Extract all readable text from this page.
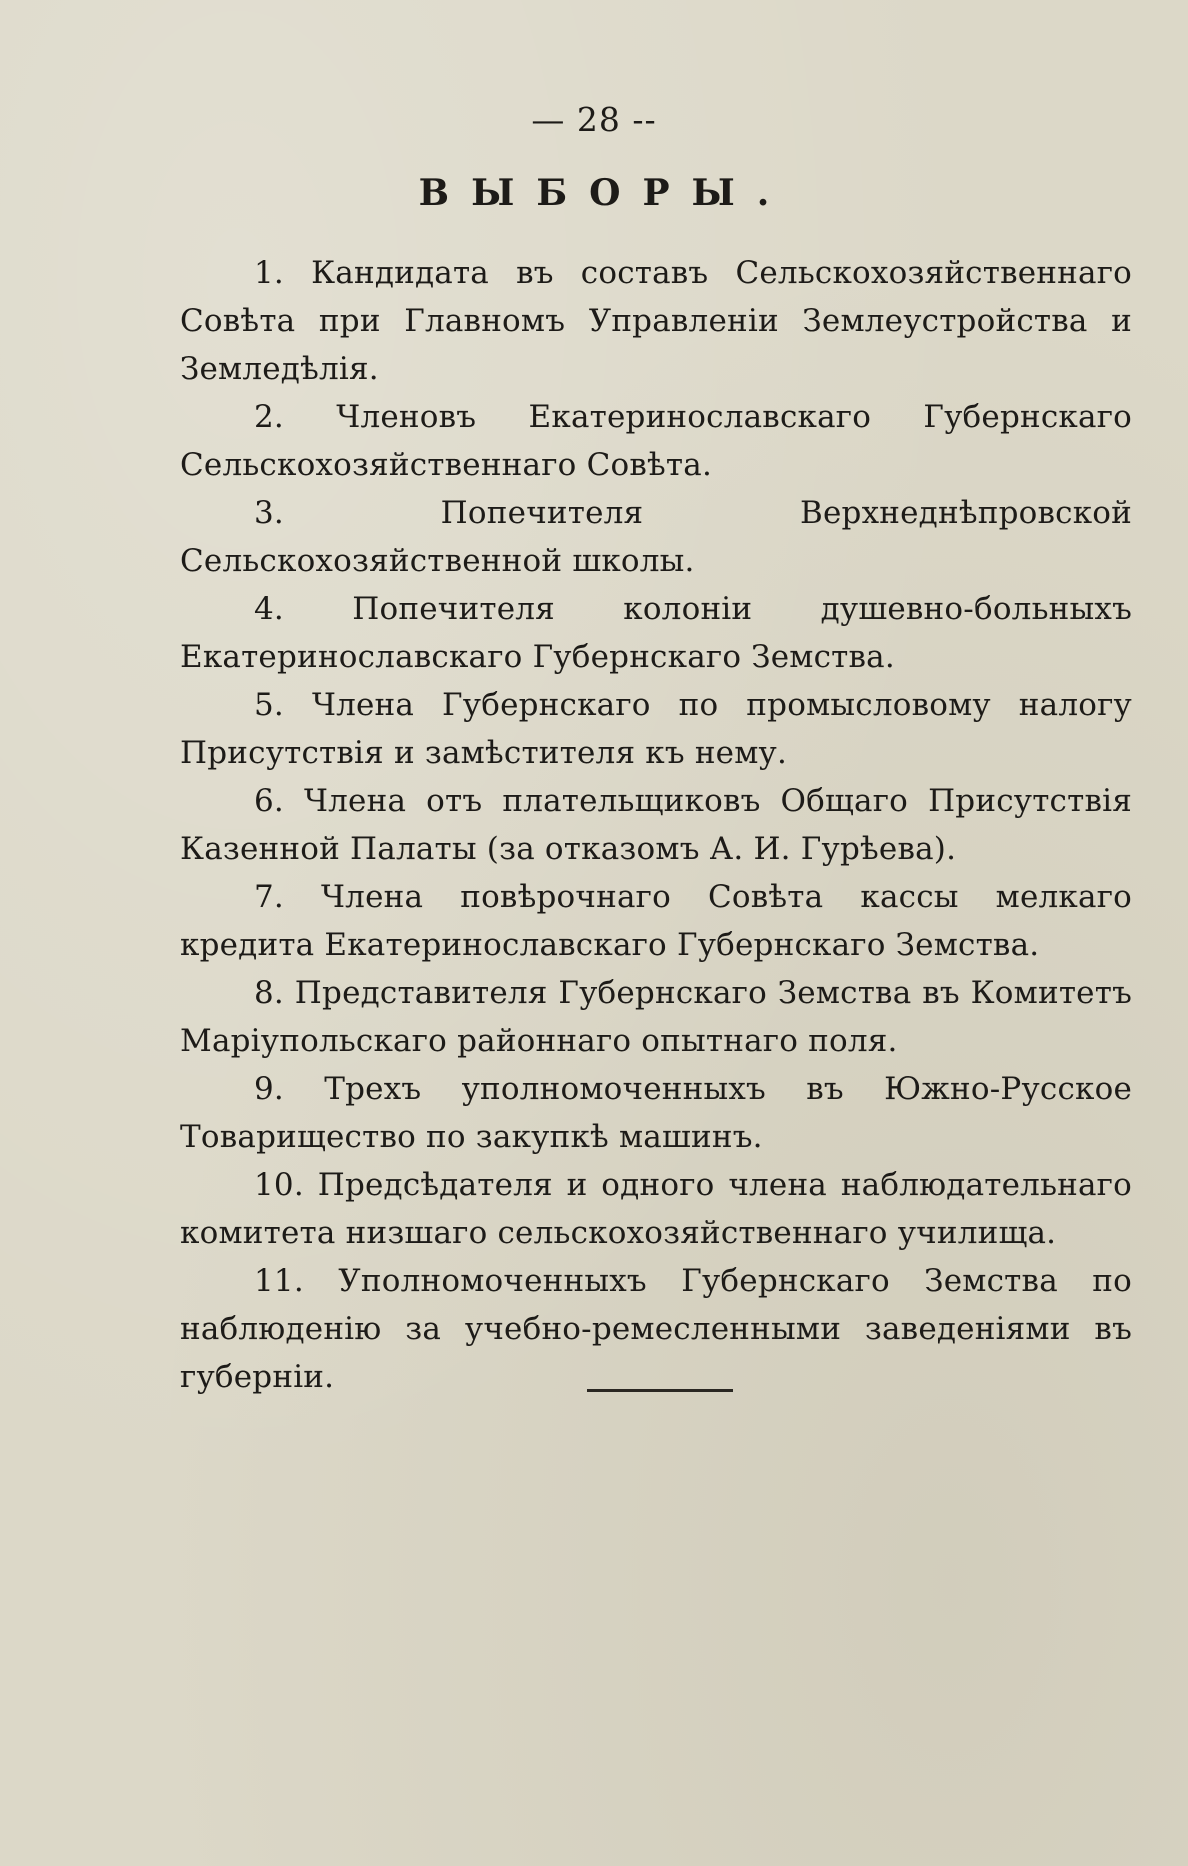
— 28 --
ВЫБОРЫ.
1. Кандидата въ составъ Сельскохозяйственнаго Совѣта при Главномъ Управленіи Землеустройства и Земледѣлія.
2. Членовъ Екатеринославскаго Губернскаго Сельскохозяйственнаго Совѣта.
3. Попечителя Верхнеднѣпровской Сельскохозяйственной школы.
4. Попечителя колоніи душевно-больныхъ Екатеринославскаго Губернскаго Земства.
5. Члена Губернскаго по промысловому налогу Присутствія и замѣстителя къ нему.
6. Члена отъ плательщиковъ Общаго Присутствія Казенной Палаты (за отказомъ А. И. Гурѣева).
7. Члена повѣрочнаго Совѣта кассы мелкаго кредита Екатеринославскаго Губернскаго Земства.
8. Представителя Губернскаго Земства въ Комитетъ Маріупольскаго районнаго опытнаго поля.
9. Трехъ уполномоченныхъ въ Южно-Русское Товарищество по закупкѣ машинъ.
10. Предсѣдателя и одного члена наблюдательнаго комитета низшаго сельскохозяйственнаго училища.
11. Уполномоченныхъ Губернскаго Земства по наблюденію за учебно-ремесленными заведеніями въ губерніи.
